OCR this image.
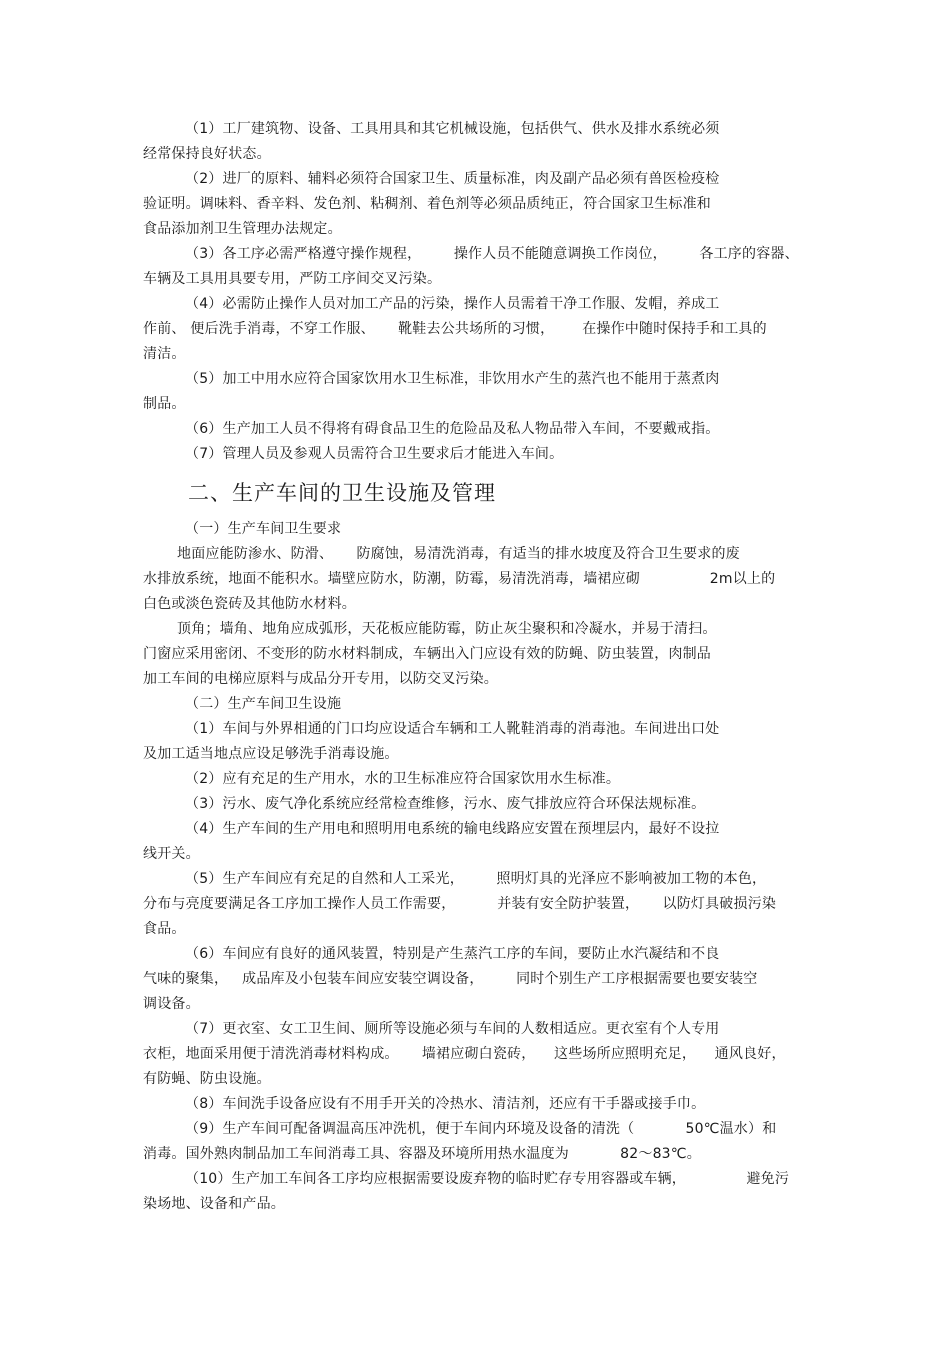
（1）工厂建筑物、设备、工具用具和其它机械设施，包括供气、供水及排水系统必须
经常保持良好状态。
（2）进厂的原料、辅料必须符合国家卫生、质量标准，肉及副产品必须有兽医检疫检
验证明。调味料、香辛料、发色剂、粘稠剂、着色剂等必须品质纯正，符合国家卫生标准和
食品添加剂卫生管理办法规定。
（3）各工序必需严格遵守操作规程，       操作人员不能随意调换工作岗位，       各工序的容器、
车辆及工具用具要专用，严防工序间交叉污染。
（4）必需防止操作人员对加工产品的污染，操作人员需着干净工作服、发帽，养成工
作前、 便后洗手消毒，不穿工作服、     靴鞋去公共场所的习惯，      在操作中随时保持手和工具的
清洁。
（5）加工中用水应符合国家饮用水卫生标准，非饮用水产生的蒸汽也不能用于蒸煮肉
制品。
（6）生产加工人员不得将有碍食品卫生的危险品及私人物品带入车间，不要戴戒指。
（7）管理人员及参观人员需符合卫生要求后才能进入车间。
二、生产车间的卫生设施及管理
（一）生产车间卫生要求
地面应能防渗水、防滑、     防腐蚀，易清洗消毒，有适当的排水坡度及符合卫生要求的废
水排放系统，地面不能积水。墙壁应防水，防潮，防霉，易清洗消毒，墙裙应砌               2m以上的
白色或淡色瓷砖及其他防水材料。
顶角；墙角、地角应成弧形，天花板应能防霉，防止灰尘聚积和冷凝水，并易于清扫。
门窗应采用密闭、不变形的防水材料制成，车辆出入门应设有效的防蝇、防虫装置，肉制品
加工车间的电梯应原料与成品分开专用，以防交叉污染。
（二）生产车间卫生设施
（1）车间与外界相通的门口均应设适合车辆和工人靴鞋消毒的消毒池。车间进出口处
及加工适当地点应设足够洗手消毒设施。
（2）应有充足的生产用水，水的卫生标准应符合国家饮用水生标准。
（3）污水、废气净化系统应经常检查维修，污水、废气排放应符合环保法规标准。
（4）生产车间的生产用电和照明用电系统的输电线路应安置在预埋层内，最好不设拉
线开关。
（5）生产车间应有充足的自然和人工采光，       照明灯具的光泽应不影响被加工物的本色，
分布与亮度要满足各工序加工操作人员工作需要，         并装有安全防护装置，     以防灯具破损污染
食品。
（6）车间应有良好的通风装置，特别是产生蒸汽工序的车间，要防止水汽凝结和不良
气味的聚集，   成品库及小包装车间应安装空调设备，       同时个别生产工序根据需要也要安装空
调设备。
（7）更衣室、女工卫生间、厕所等设施必须与车间的人数相适应。更衣室有个人专用
衣柜，地面采用便于清洗消毒材料构成。     墙裙应砌白瓷砖，    这些场所应照明充足，    通风良好，
有防蝇、防虫设施。
（8）车间洗手设备应设有不用手开关的冷热水、清洁剂，还应有干手器或接手巾。
（9）生产车间可配备调温高压冲洗机，便于车间内环境及设备的清洗（           50℃温水）和
消毒。国外熟肉制品加工车间消毒工具、容器及环境所用热水温度为           82～83℃。
（10）生产加工车间各工序均应根据需要设废弃物的临时贮存专用容器或车辆，             避免污
染场地、设备和产品。
